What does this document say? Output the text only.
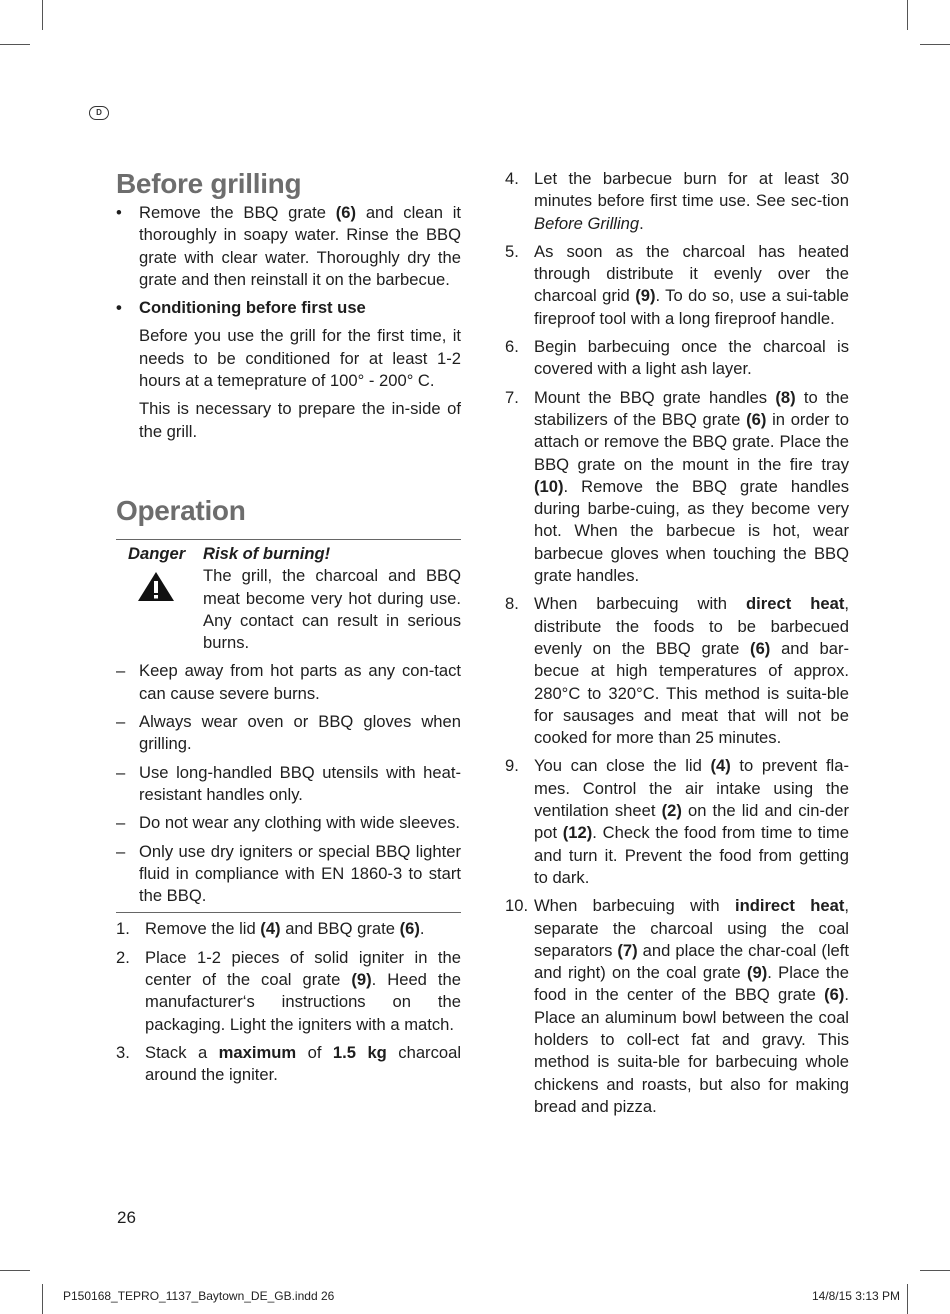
D
Before grilling
• Remove the BBQ grate (6) and clean it thoroughly in soapy water. Rinse the BBQ grate with clear water. Thoroughly dry the grate and then reinstall it on the barbecue.
• Conditioning before first use
Before you use the grill for the first time, it needs to be conditioned for at least 1-2 hours at a temeprature of 100° - 200° C.
This is necessary to prepare the in-side of the grill.
Operation
Danger Risk of burning!
The grill, the charcoal and BBQ meat become very hot during use. Any contact can result in serious burns.
– Keep away from hot parts as any con-tact can cause severe burns.
– Always wear oven or BBQ gloves when grilling.
– Use long-handled BBQ utensils with heat-resistant handles only.
– Do not wear any clothing with wide sleeves.
– Only use dry igniters or special BBQ lighter fluid in compliance with EN 1860-3 to start the BBQ.
1. Remove the lid (4) and BBQ grate (6).
2. Place 1-2 pieces of solid igniter in the center of the coal grate (9). Heed the manufacturer‘s instructions on the packaging. Light the igniters with a match.
3. Stack a maximum of 1.5 kg charcoal around the igniter.
4. Let the barbecue burn for at least 30 minutes before first time use. See sec-tion Before Grilling.
5. As soon as the charcoal has heated through distribute it evenly over the charcoal grid (9). To do so, use a sui-table fireproof tool with a long fireproof handle.
6. Begin barbecuing once the charcoal is covered with a light ash layer.
7. Mount the BBQ grate handles (8) to the stabilizers of the BBQ grate (6) in order to attach or remove the BBQ grate. Place the BBQ grate on the mount in the fire tray (10). Remove the BBQ grate handles during barbe-cuing, as they become very hot. When the barbecue is hot, wear barbecue gloves when touching the BBQ grate handles.
8. When barbecuing with direct heat, distribute the foods to be barbecued evenly on the BBQ grate (6) and bar-becue at high temperatures of approx. 280°C to 320°C. This method is suita-ble for sausages and meat that will not be cooked for more than 25 minutes.
9. You can close the lid (4) to prevent fla-mes. Control the air intake using the ventilation sheet (2) on the lid and cin-der pot (12). Check the food from time to time and turn it. Prevent the food from getting to dark.
10. When barbecuing with indirect heat, separate the charcoal using the coal separators (7) and place the char-coal (left and right) on the coal grate (9). Place the food in the center of the BBQ grate (6). Place an aluminum bowl between the coal holders to coll-ect fat and gravy. This method is suita-ble for barbecuing whole chickens and roasts, but also for making bread and pizza.
26
P150168_TEPRO_1137_Baytown_DE_GB.indd 26	14/8/15 3:13 PM
